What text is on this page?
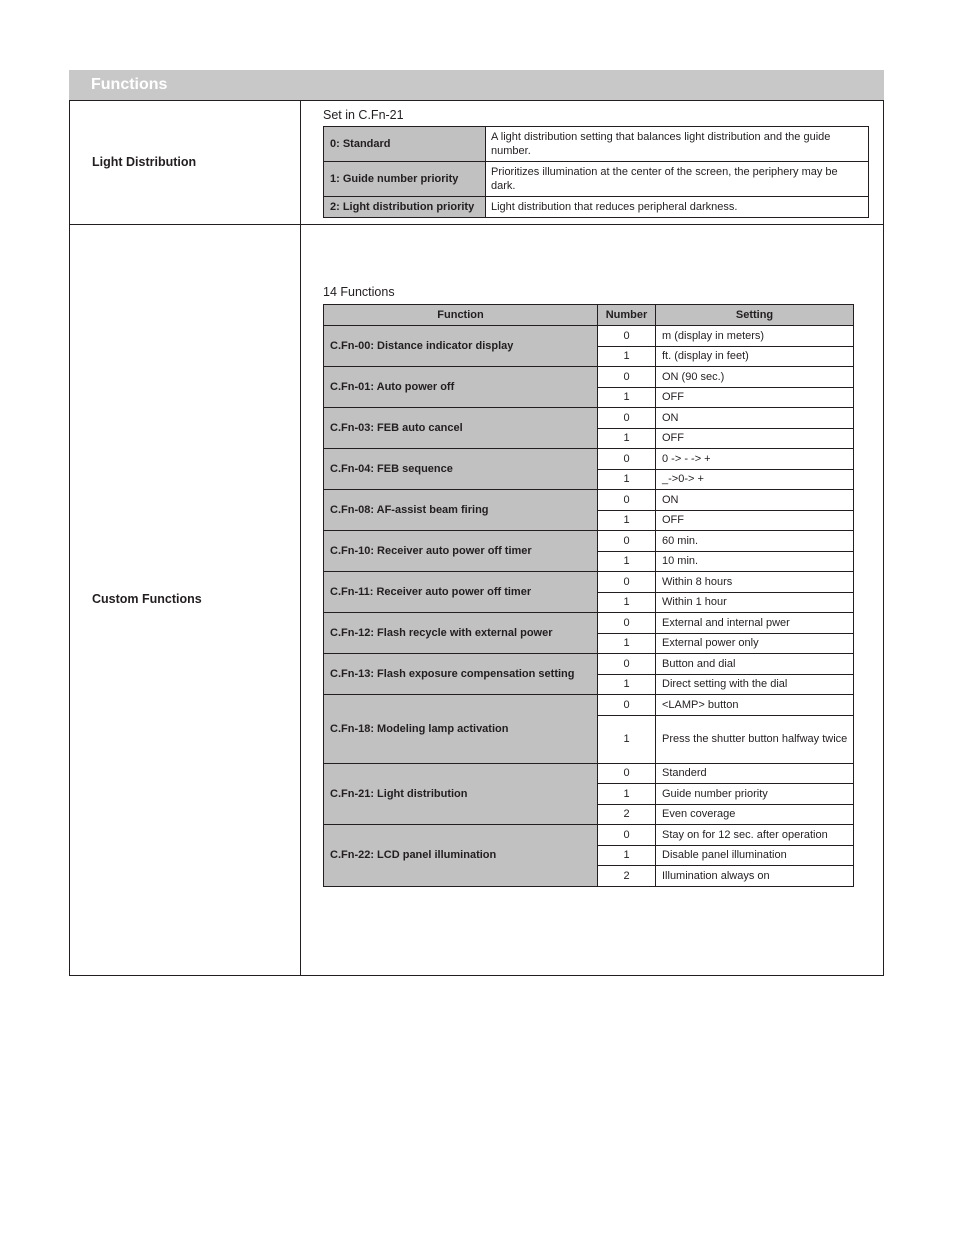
Functions
Light Distribution
Set in C.Fn-21
0: Standard	A light distribution setting that balances light distribution and the guide number.
1: Guide number priority	Prioritizes illumination at the center of the screen, the periphery may be dark.
2: Light distribution priority	Light distribution that reduces peripheral darkness.
Custom Functions
14 Functions
Function	Number	Setting
C.Fn-00: Distance indicator display	0	m (display in meters)
	1	ft. (display in feet)
C.Fn-01: Auto power off	0	ON (90 sec.)
	1	OFF
C.Fn-03: FEB auto cancel	0	ON
	1	OFF
C.Fn-04: FEB sequence	0	0 -> - -> +
	1	_->0-> +
C.Fn-08: AF-assist beam firing	0	ON
	1	OFF
C.Fn-10: Receiver auto power off timer	0	60 min.
	1	10 min.
C.Fn-11: Receiver auto power off timer	0	Within 8 hours
	1	Within 1 hour
C.Fn-12: Flash recycle with external power	0	External and internal pwer
	1	External power only
C.Fn-13: Flash exposure compensation setting	0	Button and dial
	1	Direct setting with the dial
C.Fn-18: Modeling lamp activation	0	<LAMP> button
	1	Press the shutter button halfway twice
C.Fn-21: Light distribution	0	Standerd
	1	Guide number priority
	2	Even coverage
C.Fn-22: LCD panel illumination	0	Stay on for 12 sec. after operation
	1	Disable panel illumination
	2	Illumination always on
